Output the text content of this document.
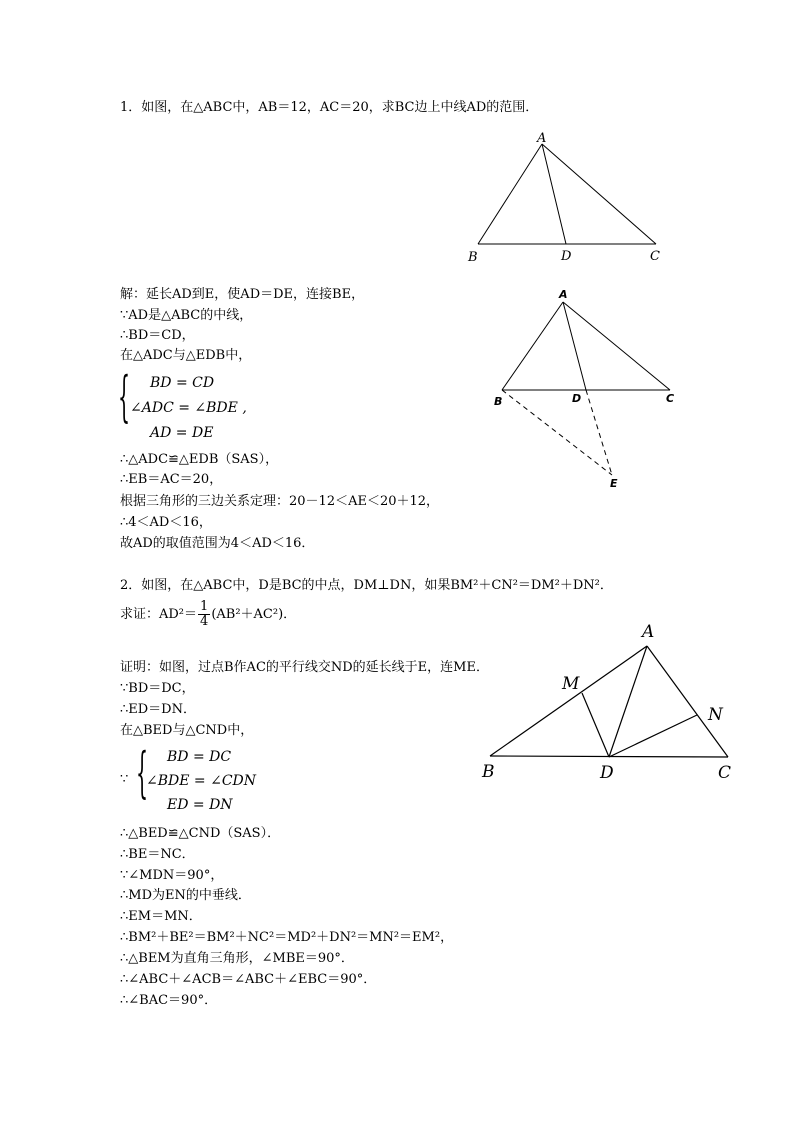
1．如图，在△ABC中，AB＝12，AC＝20，求BC边上中线AD的范围．
A
B	D	C
解：延长AD到E，使AD＝DE，连接BE，
∵AD是△ABC的中线，
∴BD＝CD，
在△ADC与△EDB中，
{ BD = CD
∠ADC = ∠BDE ,
AD = DE
A
B	D	C
E
∴△ADC≌△EDB（SAS），
∴EB＝AC＝20，
根据三角形的三边关系定理：20－12＜AE＜20＋12，
∴4＜AD＜16，
故AD的取值范围为4＜AD＜16．
2．如图，在△ABC中，D是BC的中点，DM⊥DN，如果BM²＋CN²＝DM²＋DN²．
求证：$AD^2= \frac{1}{4} (AB^2+AC^2)$．
A
M
N
B	D	C
证明：如图，过点B作AC的平行线交ND的延长线于E，连ME．
∵BD＝DC，
∴ED＝DN．
在△BED与△CND中，
∵ { BD = DC
∠BDE = ∠CDN
ED = DN
∴△BED≌△CND（SAS）．
∴BE＝NC．
∵∠MDN＝90°，
∴MD为EN的中垂线．
∴EM＝MN．
∴BM²＋BE²＝BM²＋NC²＝MD²＋DN²＝MN²＝EM²，
∴△BEM为直角三角形，∠MBE＝90°．
∴∠ABC＋∠ACB＝∠ABC＋∠EBC＝90°．
∴∠BAC＝90°．
